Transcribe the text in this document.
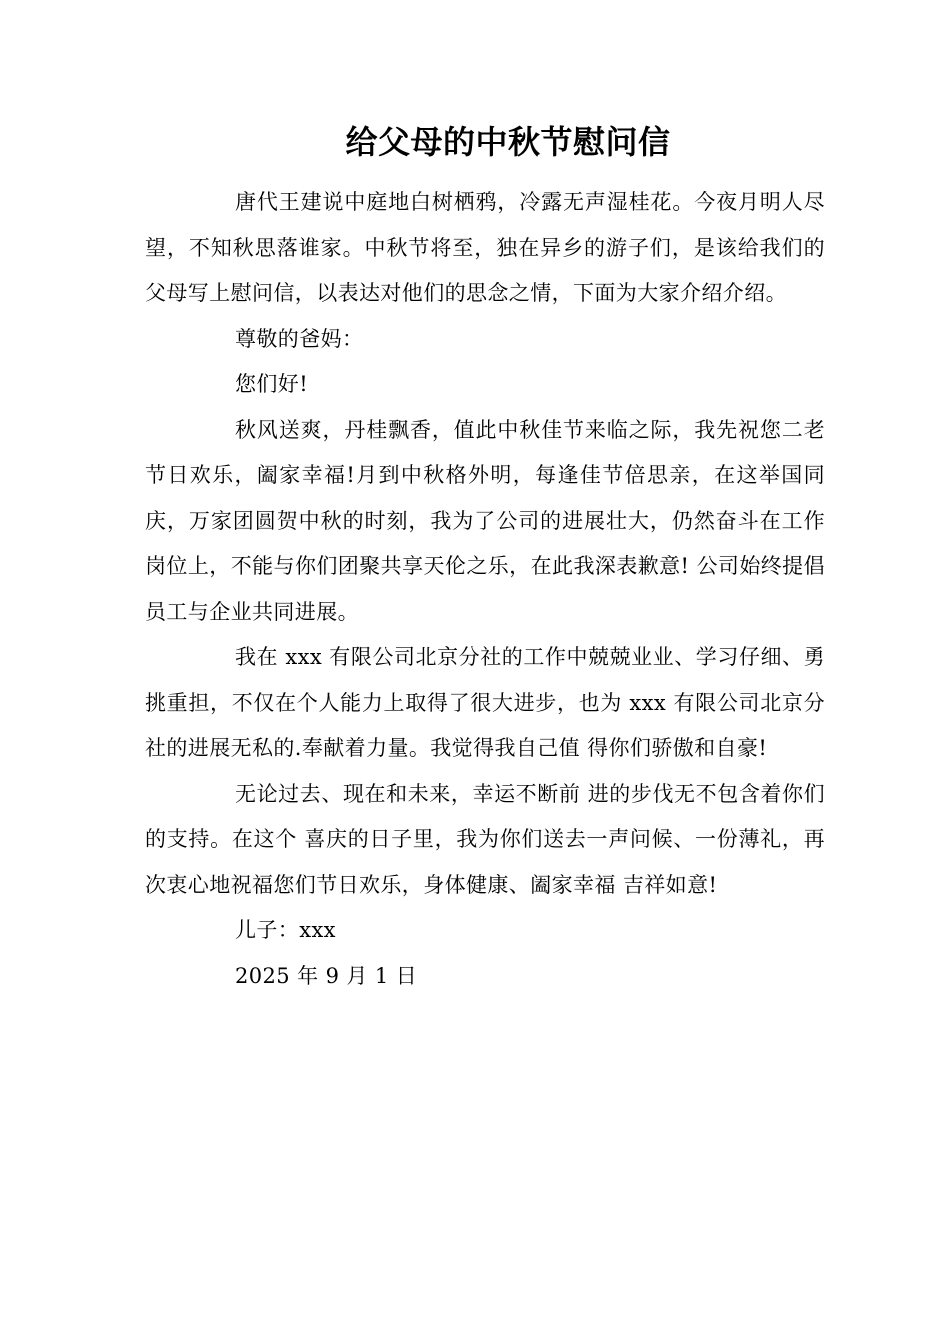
给父母的中秋节慰问信

唐代王建说中庭地白树栖鸦，冷露无声湿桂花。今夜月明人尽望，不知秋思落谁家。中秋节将至，独在异乡的游子们，是该给我们的父母写上慰问信，以表达对他们的思念之情，下面为大家介绍介绍。

尊敬的爸妈：

您们好!

秋风送爽，丹桂飘香，值此中秋佳节来临之际，我先祝您二老节日欢乐，阖家幸福!月到中秋格外明，每逢佳节倍思亲，在这举国同庆，万家团圆贺中秋的时刻，我为了公司的进展壮大，仍然奋斗在工作岗位上，不能与你们团聚共享天伦之乐，在此我深表歉意! 公司始终提倡员工与企业共同进展。

我在 xxx 有限公司北京分社的工作中兢兢业业、学习仔细、勇挑重担，不仅在个人能力上取得了很大进步，也为 xxx 有限公司北京分社的进展无私的.奉献着力量。我觉得我自己值 得你们骄傲和自豪!

无论过去、现在和未来，幸运不断前 进的步伐无不包含着你们的支持。在这个 喜庆的日子里，我为你们送去一声问候、一份薄礼，再次衷心地祝福您们节日欢乐，身体健康、阖家幸福 吉祥如意!

儿子：xxx

2025 年 9 月 1 日
